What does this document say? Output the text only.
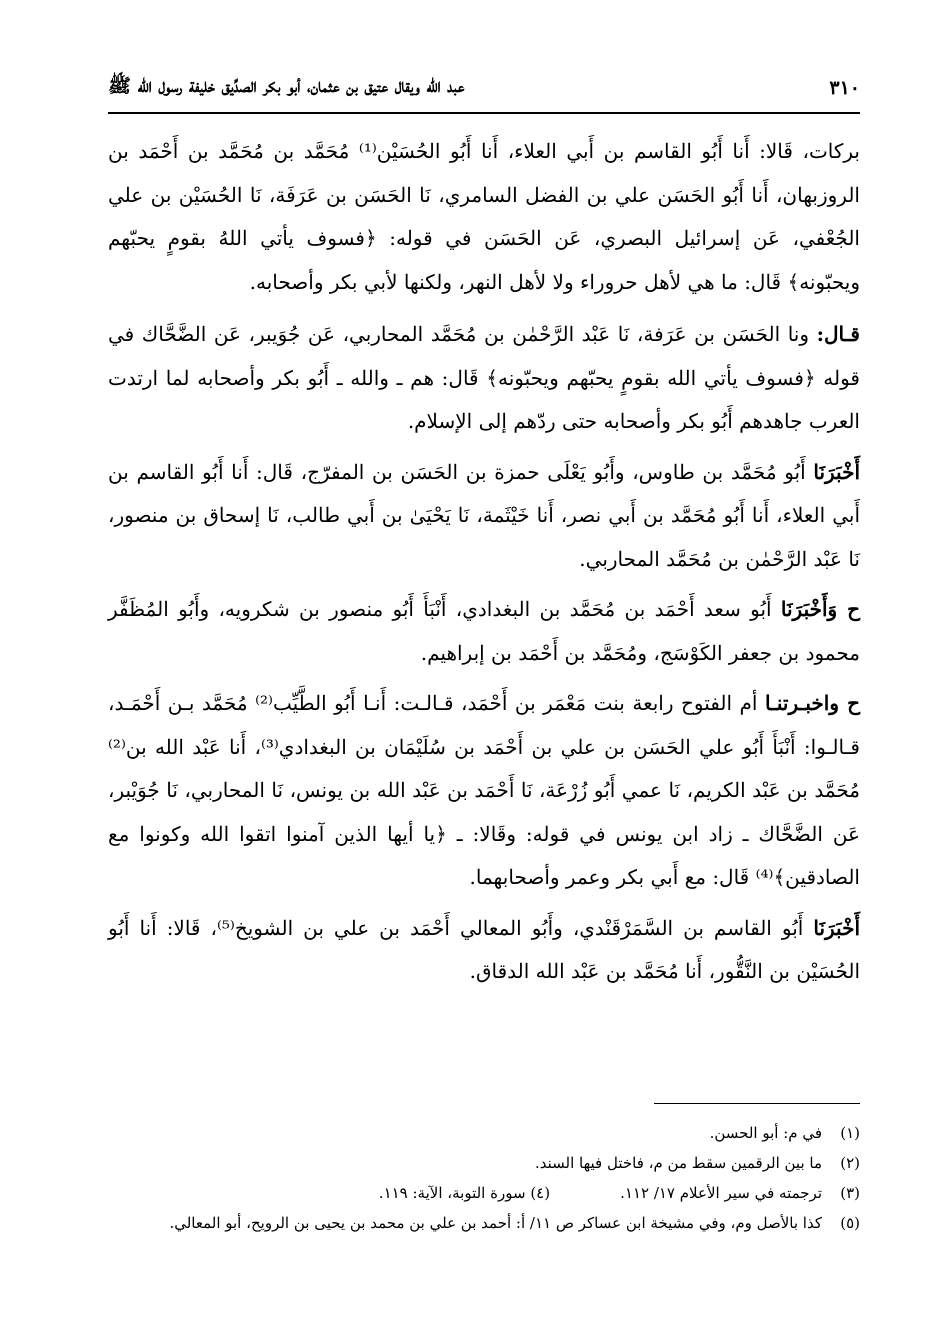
٣١٠
عبد الله ويقال عتيق بن عثمان، أبو بكر الصدِّيق خليفة رسول الله ﷺ

بركات، قَالا: أَنا أَبُو القاسم بن أَبي العلاء، أَنا أَبُو الحُسَيْن⁽¹⁾ مُحَمَّد بن مُحَمَّد بن أَحْمَد بن الروزبهان، أَنا أَبُو الحَسَن علي بن الفضل السامري، نَا الحَسَن بن عَرَفَة، نَا الحُسَيْن بن علي الجُعْفي، عَن إسرائيل البصري، عَن الحَسَن في قوله: ﴿فسوف يأتي اللهُ بقومٍ يحبّهم ويحبّونه﴾ قَال: ما هي لأهل حروراء ولا لأهل النهر، ولكنها لأبي بكر وأصحابه.

قـال: ونا الحَسَن بن عَرَفة، نَا عَبْد الرَّحْمٰن بن مُحَمَّد المحاربي، عَن جُوَيبر، عَن الضَّحَّاك في قوله ﴿فسوف يأتي الله بقومٍ يحبّهم ويحبّونه﴾ قَال: هم ـ والله ـ أَبُو بكر وأصحابه لما ارتدت العرب جاهدهم أَبُو بكر وأصحابه حتى ردّهم إلى الإسلام.

أَخْبَرَنَا أَبُو مُحَمَّد بن طاوس، وأَبُو يَعْلَى حمزة بن الحَسَن بن المفرّج، قَال: أَنا أَبُو القاسم بن أَبي العلاء، أَنا أَبُو مُحَمَّد بن أَبي نصر، أَنا خَيْثَمة، نَا يَحْيَىٰ بن أَبي طالب، نَا إسحاق بن منصور، نَا عَبْد الرَّحْمٰن بن مُحَمَّد المحاربي.

ح وَأَخْبَرَنَا أَبُو سعد أَحْمَد بن مُحَمَّد بن البغدادي، أَنْبَأَ أَبُو منصور بن شكرويه، وأَبُو المُظَفَّر محمود بن جعفر الكَوْسَج، ومُحَمَّد بن أَحْمَد بن إبراهيم.

ح واخبـرتنـا أم الفتوح رابعة بنت مَعْمَر بن أَحْمَد، قـالـت: أَنـا أَبُو الطَّيِّب⁽²⁾ مُحَمَّد بـن أَحْمَـد، قـالـوا: أَنْبَأَ أَبُو علي الحَسَن بن علي بن أَحْمَد بن سُلَيْمَان بن البغدادي⁽³⁾، أَنا عَبْد الله بن⁽²⁾ مُحَمَّد بن عَبْد الكريم، نَا عمي أَبُو زُرْعَة، نَا أَحْمَد بن عَبْد الله بن يونس، نَا المحاربي، نَا جُوَيْبر، عَن الضَّحَّاك ـ زاد ابن يونس في قوله: وقَالا: ـ ﴿يا أيها الذين آمنوا اتقوا الله وكونوا مع الصادقين﴾⁽⁴⁾ قَال: مع أَبي بكر وعمر وأصحابهما.

أَخْبَرَنَا أَبُو القاسم بن السَّمَرْقَنْدي، وأَبُو المعالي أَحْمَد بن علي بن الشويخ⁽⁵⁾، قَالا: أَنا أَبُو الحُسَيْن بن النَّقُّور، أَنا مُحَمَّد بن عَبْد الله الدقاق.

(١)
في م: أبو الحسن.
(٢)
ما بين الرقمين سقط من م، فاختل فيها السند.
(٣)
ترجمته في سير الأعلام ١٧/ ١١٢.(٤) سورة التوبة، الآية: ١١٩.
(٥)
كذا بالأصل وم، وفي مشيخة ابن عساكر ص ١١/ أ: أحمد بن علي بن محمد بن يحيى بن الرويح، أبو المعالي.
